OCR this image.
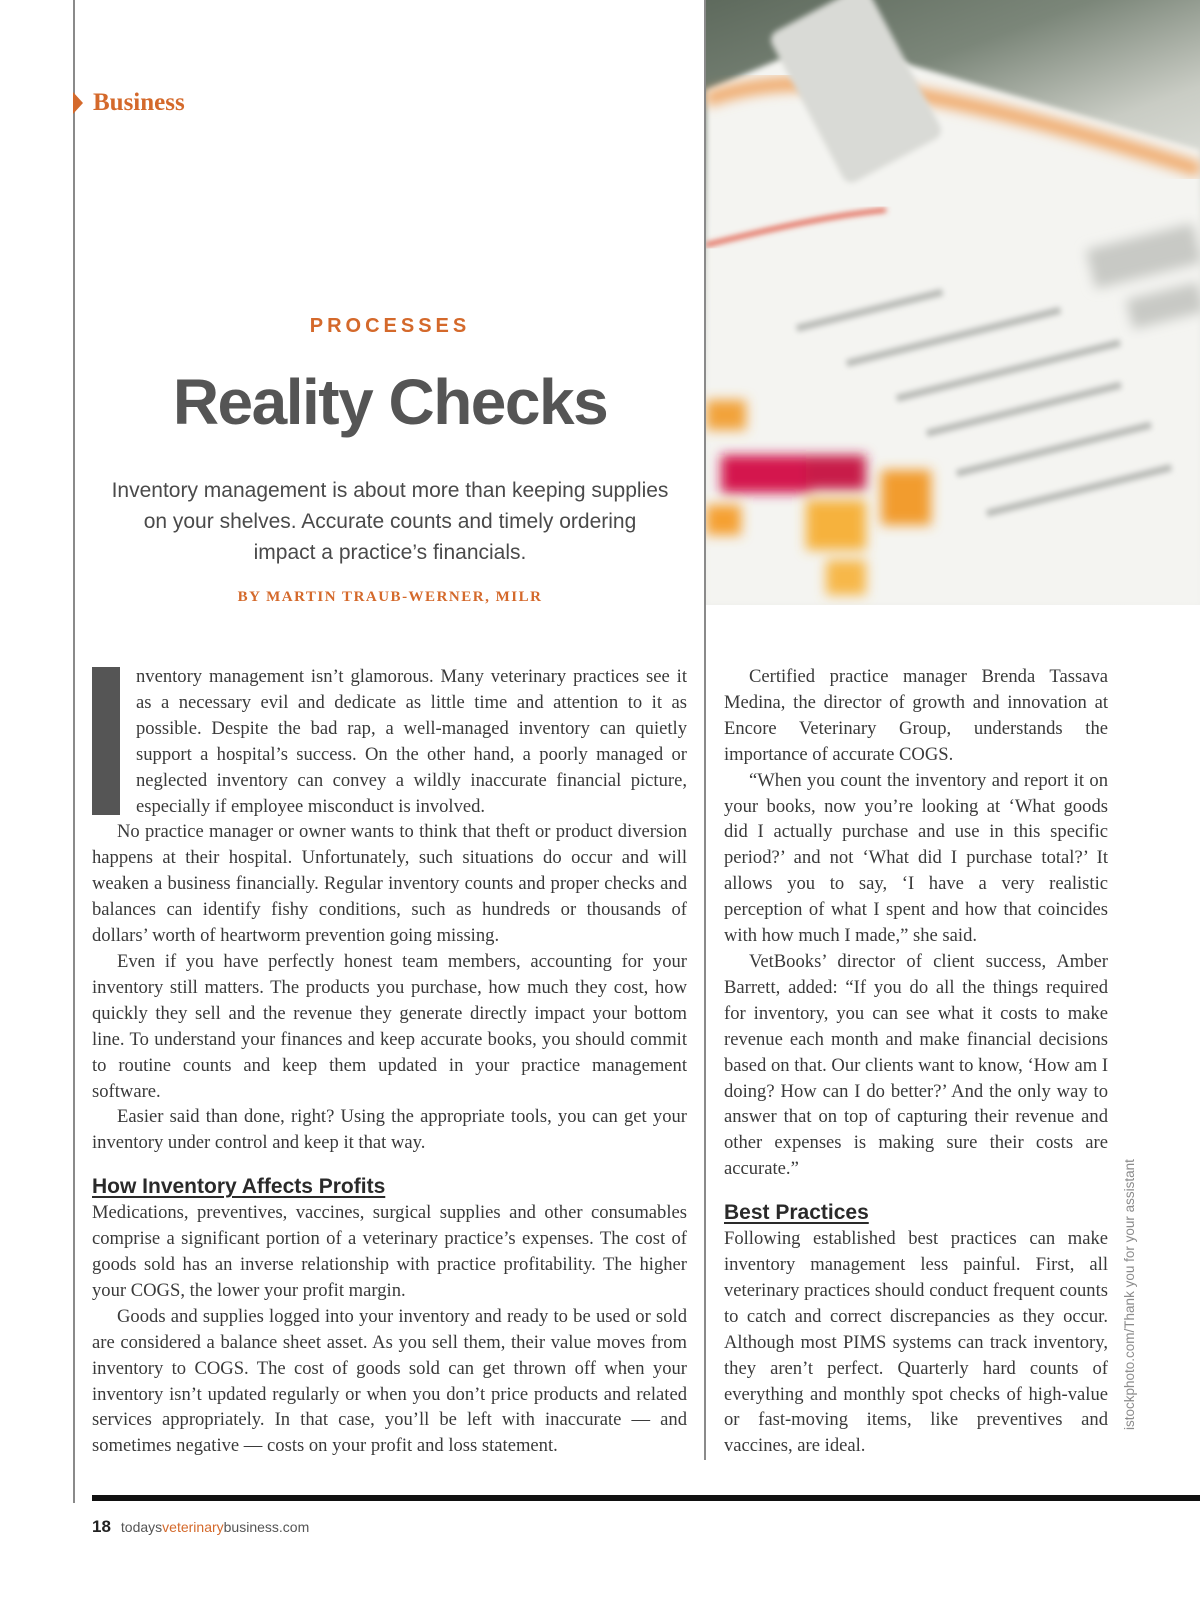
Business
PROCESSES
Reality Checks
Inventory management is about more than keeping supplies on your shelves. Accurate counts and timely ordering impact a practice’s financials.
BY MARTIN TRAUB-WERNER, MILR

nventory management isn’t glamorous. Many veterinary practices see it as a necessary evil and dedicate as little time and attention to it as possible. Despite the bad rap, a well-managed inventory can quietly support a hospital’s success. On the other hand, a poorly managed or neglected inventory can convey a wildly inaccurate financial picture, especially if employee misconduct is involved.

No practice manager or owner wants to think that theft or product diversion happens at their hospital. Unfortunately, such situations do occur and will weaken a business financially. Regular inventory counts and proper checks and balances can identify fishy conditions, such as hundreds or thousands of dollars’ worth of heartworm prevention going missing.

Even if you have perfectly honest team members, accounting for your inventory still matters. The products you purchase, how much they cost, how quickly they sell and the revenue they generate directly impact your bottom line. To understand your finances and keep accurate books, you should commit to routine counts and keep them updated in your practice management software.

Easier said than done, right? Using the appropriate tools, you can get your inventory under control and keep it that way.

How Inventory Affects Profits

Medications, preventives, vaccines, surgical supplies and other consumables comprise a significant portion of a veterinary practice’s expenses. The cost of goods sold has an inverse relationship with practice profitability. The higher your COGS, the lower your profit margin.

Goods and supplies logged into your inventory and ready to be used or sold are considered a balance sheet asset. As you sell them, their value moves from inventory to COGS. The cost of goods sold can get thrown off when your inventory isn’t updated regularly or when you don’t price products and related services appropriately. In that case, you’ll be left with inaccurate — and sometimes negative — costs on your profit and loss statement.

Certified practice manager Brenda Tassava Medina, the director of growth and innovation at Encore Veterinary Group, understands the importance of accurate COGS.

“When you count the inventory and report it on your books, now you’re looking at ‘What goods did I actually purchase and use in this specific period?’ and not ‘What did I purchase total?’ It allows you to say, ‘I have a very realistic perception of what I spent and how that coincides with how much I made,” she said.

VetBooks’ director of client success, Amber Barrett, added: “If you do all the things required for inventory, you can see what it costs to make revenue each month and make financial decisions based on that. Our clients want to know, ‘How am I doing? How can I do better?’ And the only way to answer that on top of capturing their revenue and other expenses is making sure their costs are accurate.”

Best Practices

Following established best practices can make inventory management less painful. First, all veterinary practices should conduct frequent counts to catch and correct discrepancies as they occur. Although most PIMS systems can track inventory, they aren’t perfect. Quarterly hard counts of everything and monthly spot checks of high-value or fast-moving items, like preventives and vaccines, are ideal.

istockphoto.com/Thank you for your assistant
18 todaysveterinarybusiness.com
